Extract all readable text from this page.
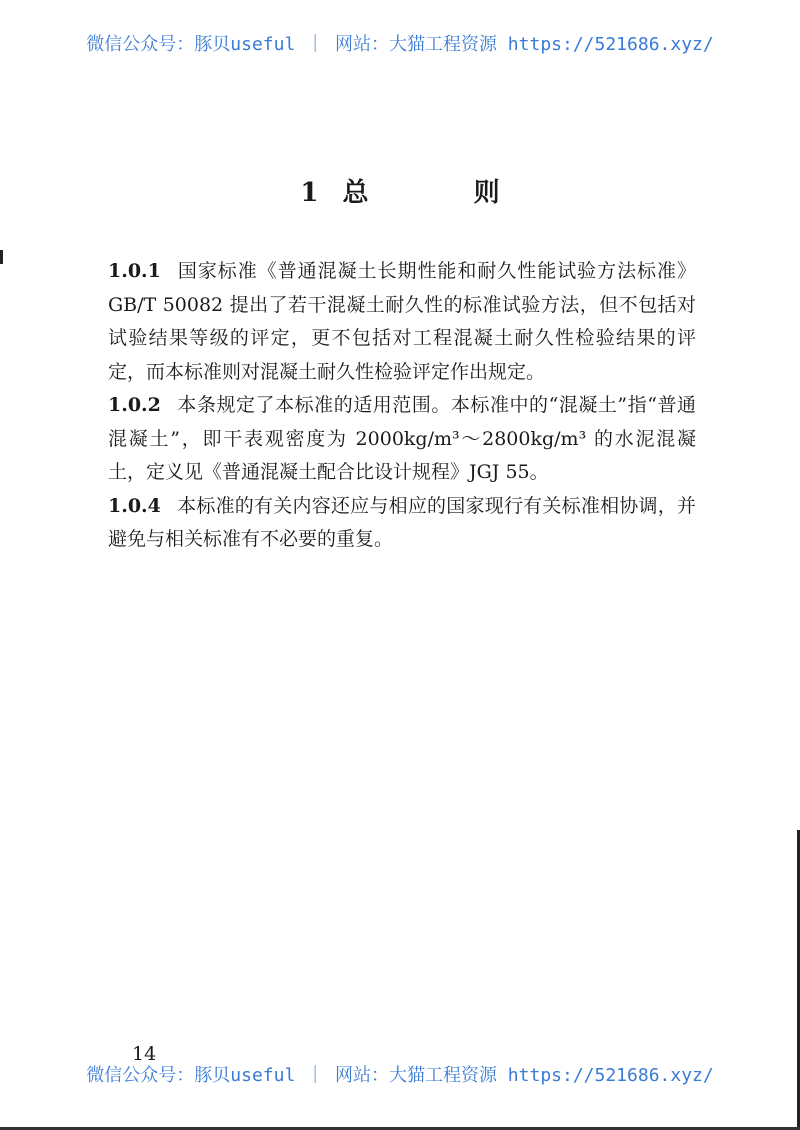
微信公众号：豚贝useful ｜ 网站：大猫工程资源 https://521686.xyz/
1 总 则

1.0.1 国家标准《普通混凝土长期性能和耐久性能试验方法标准》GB/T 50082 提出了若干混凝土耐久性的标准试验方法，但不包括对试验结果等级的评定，更不包括对工程混凝土耐久性检验结果的评定，而本标准则对混凝土耐久性检验评定作出规定。

1.0.2 本条规定了本标准的适用范围。本标准中的“混凝土”指“普通混凝土”，即干表观密度为 2000kg/m³～2800kg/m³ 的水泥混凝土，定义见《普通混凝土配合比设计规程》JGJ 55。

1.0.4 本标准的有关内容还应与相应的国家现行有关标准相协调，并避免与相关标准有不必要的重复。

14
微信公众号：豚贝useful ｜ 网站：大猫工程资源 https://521686.xyz/
